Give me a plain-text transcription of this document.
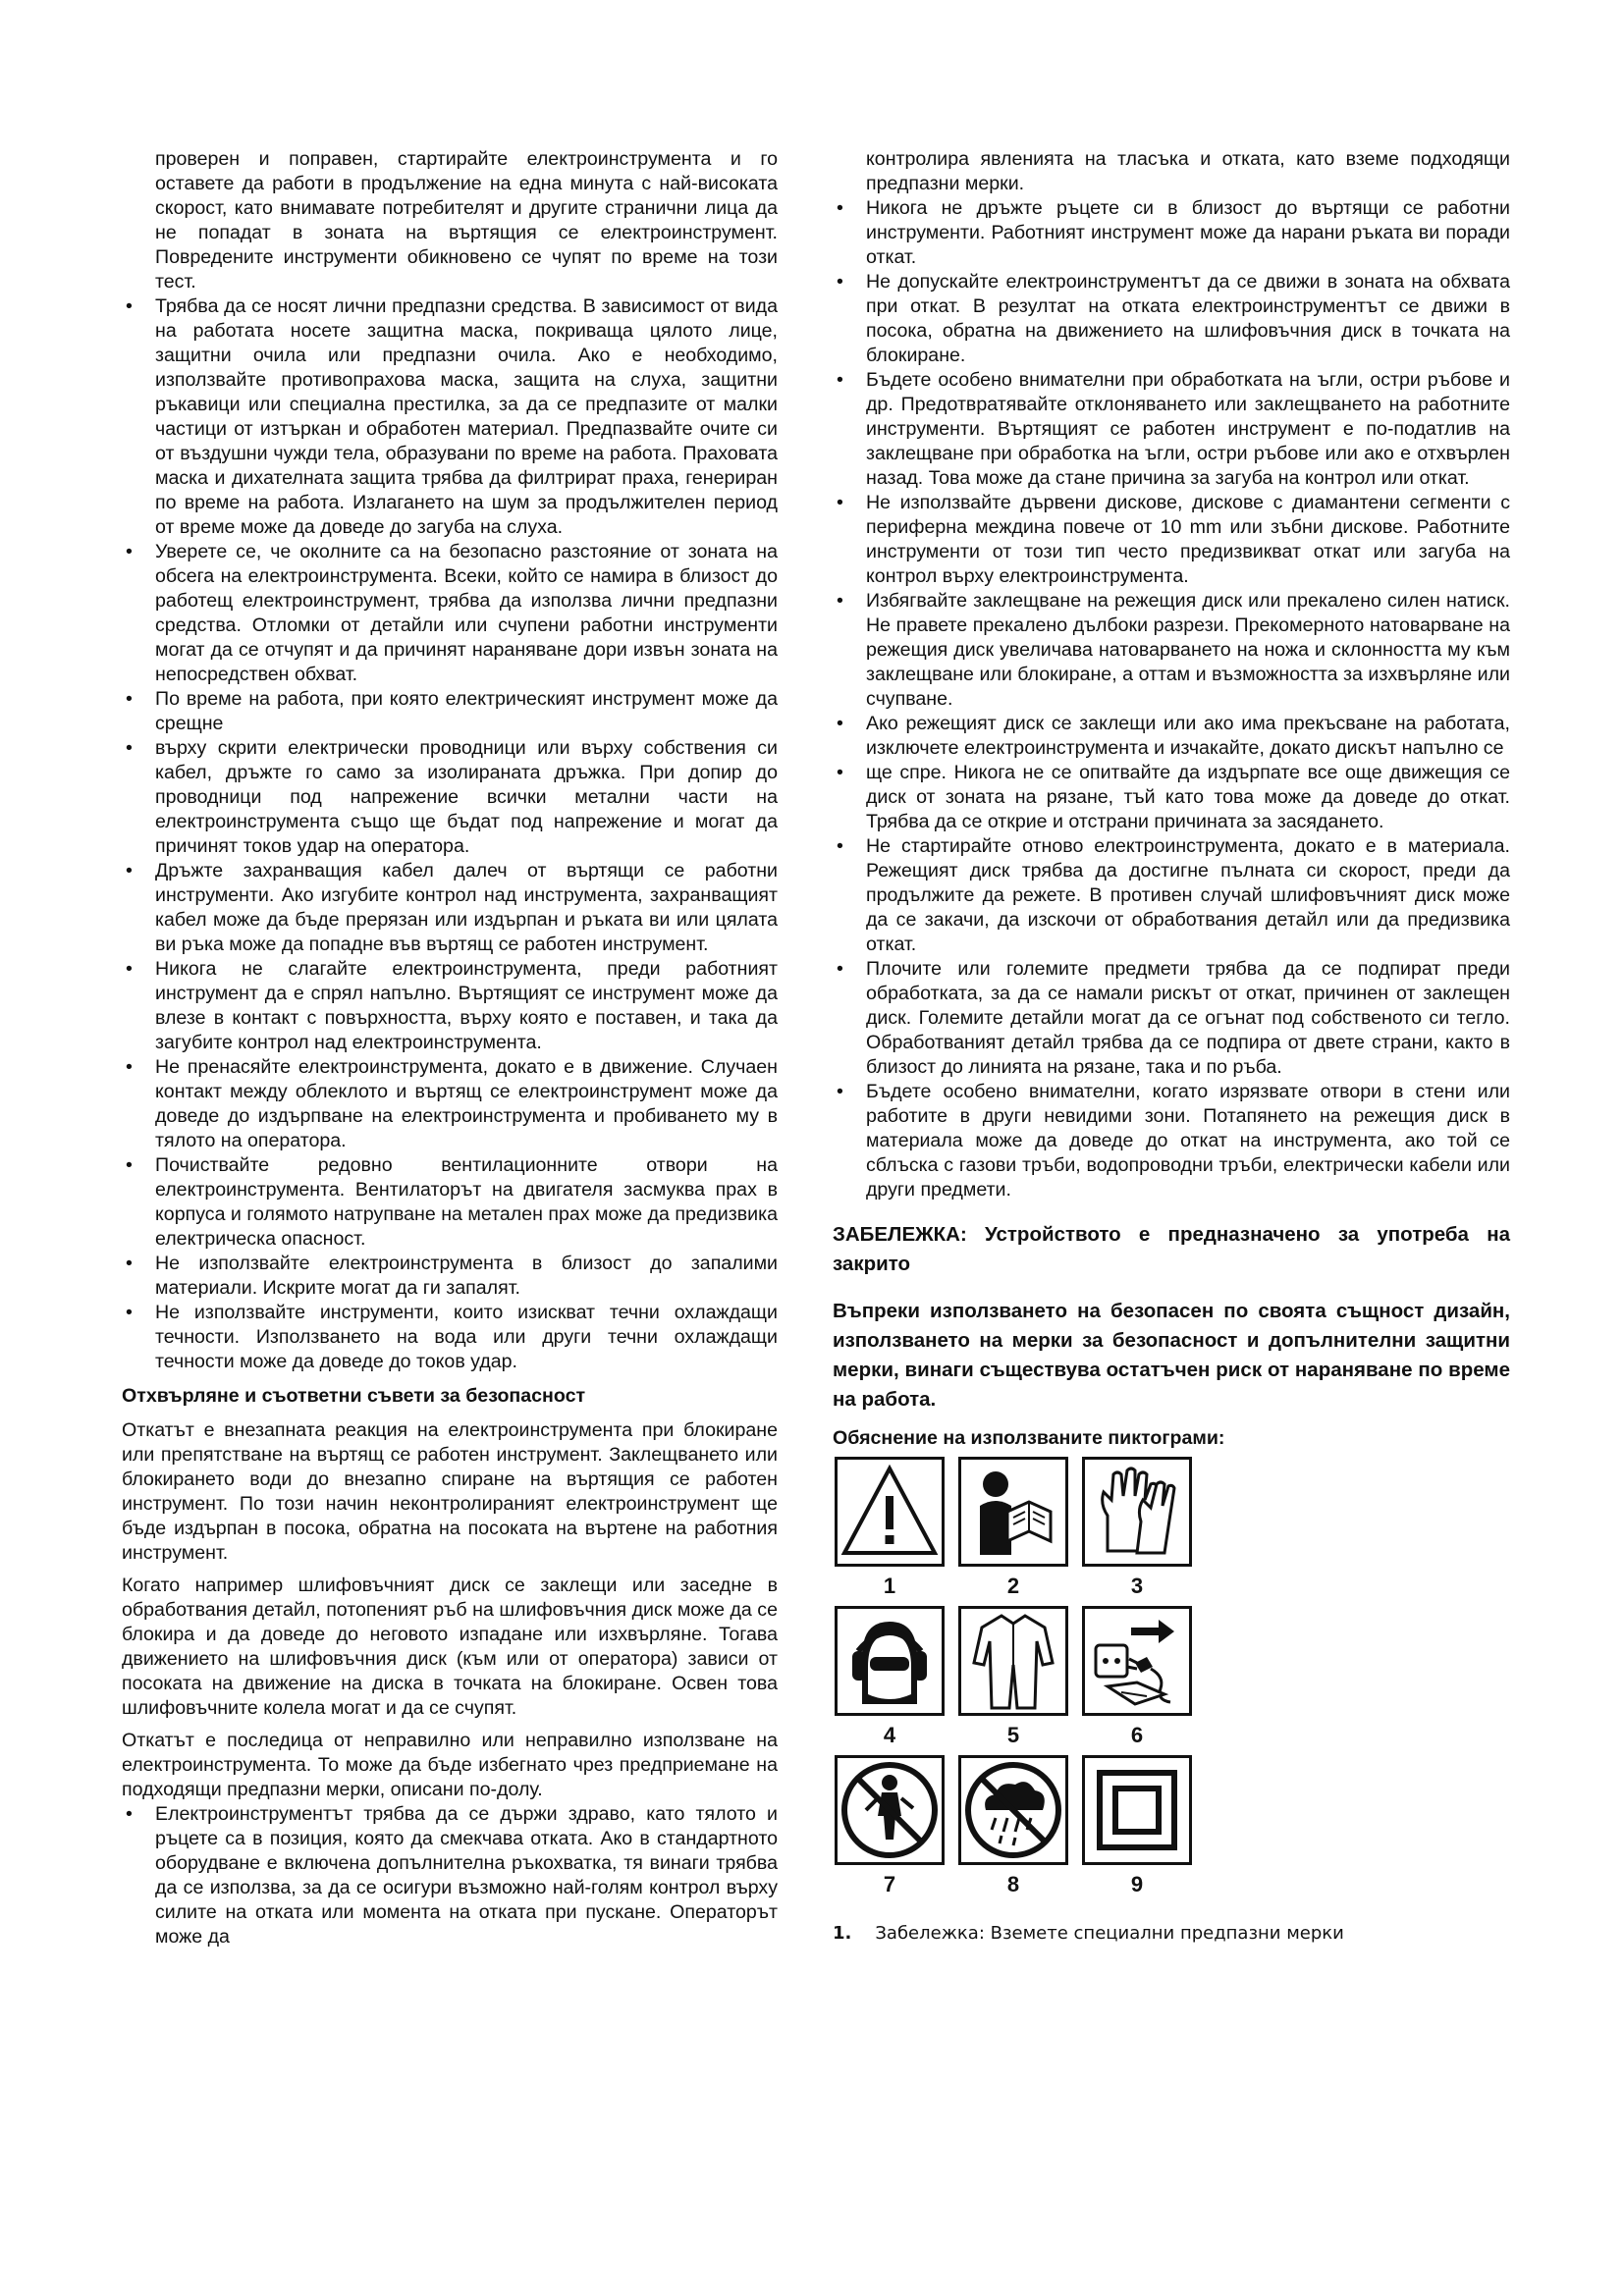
проверен и поправен, стартирайте електроинструмента и го оставете да работи в продължение на една минута с най-високата скорост, като внимавате потребителят и другите странични лица да не попадат в зоната на въртящия се електроинструмент. Повредените инструменти обикновено се чупят по време на този тест.

• Трябва да се носят лични предпазни средства. В зависимост от вида на работата носете защитна маска, покриваща цялото лице, защитни очила или предпазни очила. Ако е необходимо, използвайте противопрахова маска, защита на слуха, защитни ръкавици или специална престилка, за да се предпазите от малки частици от изтъркан и обработен материал. Предпазвайте очите си от въздушни чужди тела, образувани по време на работа. Праховата маска и дихателната защита трябва да филтрират праха, генериран по време на работа. Излагането на шум за продължителен период от време може да доведе до загуба на слуха.
• Уверете се, че околните са на безопасно разстояние от зоната на обсега на електроинструмента. Всеки, който се намира в близост до работещ електроинструмент, трябва да използва лични предпазни средства. Отломки от детайли или счупени работни инструменти могат да се отчупят и да причинят нараняване дори извън зоната на непосредствен обхват.
• По време на работа, при която електрическият инструмент може да срещне
• върху скрити електрически проводници или върху собствения си кабел, дръжте го само за изолираната дръжка. При допир до проводници под напрежение всички метални части на електроинструмента също ще бъдат под напрежение и могат да причинят токов удар на оператора.
• Дръжте захранващия кабел далеч от въртящи се работни инструменти. Ако изгубите контрол над инструмента, захранващият кабел може да бъде прерязан или издърпан и ръката ви или цялата ви ръка може да попадне във въртящ се работен инструмент.
• Никога не слагайте електроинструмента, преди работният инструмент да е спрял напълно. Въртящият се инструмент може да влезе в контакт с повърхността, върху която е поставен, и така да загубите контрол над електроинструмента.
• Не пренасяйте електроинструмента, докато е в движение. Случаен контакт между облеклото и въртящ се електроинструмент може да доведе до издърпване на електроинструмента и пробиването му в тялото на оператора.
• Почиствайте редовно вентилационните отвори на електроинструмента. Вентилаторът на двигателя засмуква прах в корпуса и голямото натрупване на метален прах може да предизвика електрическа опасност.
• Не използвайте електроинструмента в близост до запалими материали. Искрите могат да ги запалят.
• Не използвайте инструменти, които изискват течни охлаждащи течности. Използването на вода или други течни охлаждащи течности може да доведе до токов удар.
Отхвърляне и съответни съвети за безопасност

Откатът е внезапната реакция на електроинструмента при блокиране или препятстване на въртящ се работен инструмент. Заклещването или блокирането води до внезапно спиране на въртящия се работен инструмент. По този начин неконтролираният електроинструмент ще бъде издърпан в посока, обратна на посоката на въртене на работния инструмент.

Когато например шлифовъчният диск се заклещи или заседне в обработвания детайл, потопеният ръб на шлифовъчния диск може да се блокира и да доведе до неговото изпадане или изхвърляне. Тогава движението на шлифовъчния диск (към или от оператора) зависи от посоката на движение на диска в точката на блокиране. Освен това шлифовъчните колела могат и да се счупят.

Откатът е последица от неправилно или неправилно използване на електроинструмента. То може да бъде избегнато чрез предприемане на подходящи предпазни мерки, описани по-долу.

• Електроинструментът трябва да се държи здраво, като тялото и ръцете са в позиция, която да смекчава отката. Ако в стандартното оборудване е включена допълнителна ръкохватка, тя винаги трябва да се използва, за да се осигури възможно най-голям контрол върху силите на отката или момента на отката при пускане. Операторът може да

контролира явленията на тласъка и отката, като вземе подходящи предпазни мерки.

• Никога не дръжте ръцете си в близост до въртящи се работни инструменти. Работният инструмент може да нарани ръката ви поради откат.
• Не допускайте електроинструментът да се движи в зоната на обхвата при откат. В резултат на отката електроинструментът се движи в посока, обратна на движението на шлифовъчния диск в точката на блокиране.
• Бъдете особено внимателни при обработката на ъгли, остри ръбове и др. Предотвратявайте отклоняването или заклещването на работните инструменти. Въртящият се работен инструмент е по-податлив на заклещване при обработка на ъгли, остри ръбове или ако е отхвърлен назад. Това може да стане причина за загуба на контрол или откат.
• Не използвайте дървени дискове, дискове с диамантени сегменти с периферна междина повече от 10 mm или зъбни дискове. Работните инструменти от този тип често предизвикват откат или загуба на контрол върху електроинструмента.
• Избягвайте заклещване на режещия диск или прекалено силен натиск. Не правете прекалено дълбоки разрези. Прекомерното натоварване на режещия диск увеличава натоварването на ножа и склонността му към заклещване или блокиране, а оттам и възможността за изхвърляне или счупване.
• Ако режещият диск се заклещи или ако има прекъсване на работата, изключете електроинструмента и изчакайте, докато дискът напълно се
• ще спре. Никога не се опитвайте да издърпате все още движещия се диск от зоната на рязане, тъй като това може да доведе до откат. Трябва да се открие и отстрани причината за засядането.
• Не стартирайте отново електроинструмента, докато е в материала. Режещият диск трябва да достигне пълната си скорост, преди да продължите да режете. В противен случай шлифовъчният диск може да се закачи, да изскочи от обработвания детайл или да предизвика откат.
• Плочите или големите предмети трябва да се подпират преди обработката, за да се намали рискът от откат, причинен от заклещен диск. Големите детайли могат да се огънат под собственото си тегло. Обработваният детайл трябва да се подпира от двете страни, както в близост до линията на рязане, така и по ръба.
• Бъдете особено внимателни, когато изрязвате отвори в стени или работите в други невидими зони. Потапянето на режещия диск в материала може да доведе до откат на инструмента, ако той се сблъска с газови тръби, водопроводни тръби, електрически кабели или други предмети.

ЗАБЕЛЕЖКА: Устройството е предназначено за употреба на закрито

Въпреки използването на безопасен по своята същност дизайн, използването на мерки за безопасност и допълнителни защитни мерки, винаги съществува остатъчен риск от нараняване по време на работа.

Обяснение на използваните пиктограми:

1	2	3
4	5	6
7	8	9
1. Забележка: Вземете специални предпазни мерки
